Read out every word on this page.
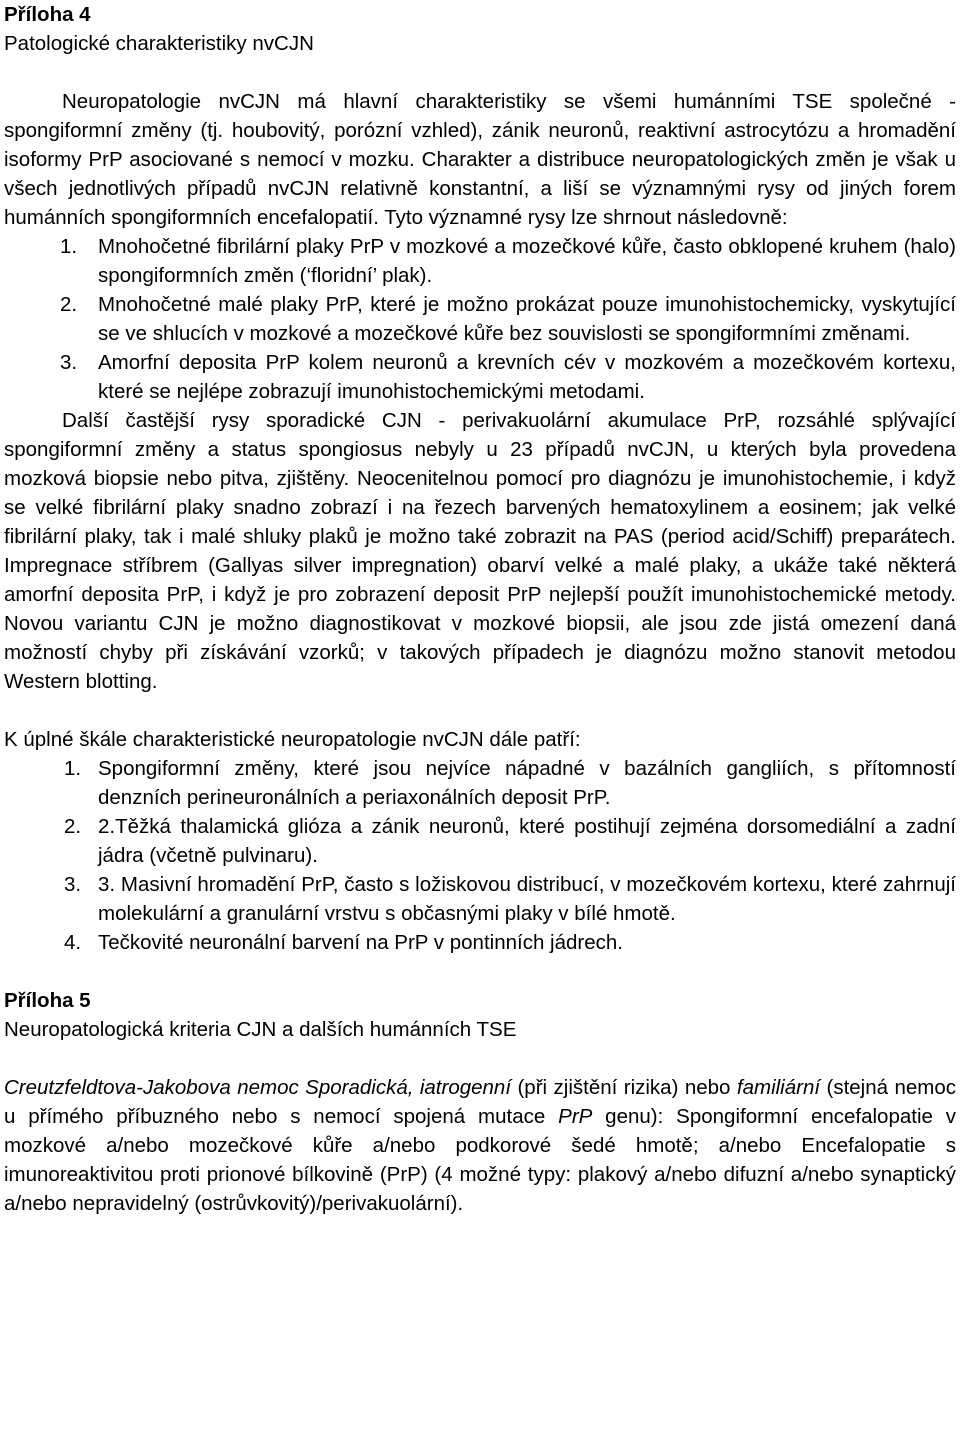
Příloha 4
Patologické charakteristiky nvCJN

Neuropatologie nvCJN má hlavní charakteristiky se všemi humánními TSE společné - spongiformní změny (tj. houbovitý, porózní vzhled), zánik neuronů, reaktivní astrocytózu a hromadění isoformy PrP asociované s nemocí v mozku. Charakter a distribuce neuropatologických změn je však u všech jednotlivých případů nvCJN relativně konstantní, a liší se významnými rysy od jiných forem humánních spongiformních encefalopatií. Tyto významné rysy lze shrnout následovně:

1.	Mnohočetné fibrilární plaky PrP v mozkové a mozečkové kůře, často obklopené kruhem (halo) spongiformních změn (‘floridní’ plak).
2.	Mnohočetné malé plaky PrP, které je možno prokázat pouze imunohistochemicky, vyskytující se ve shlucích v mozkové a mozečkové kůře bez souvislosti se spongiformními změnami.
3.	Amorfní deposita PrP kolem neuronů a krevních cév v mozkovém a mozečkovém kortexu, které se nejlépe zobrazují imunohistochemickými metodami.

Další častější rysy sporadické CJN - perivakuolární akumulace PrP, rozsáhlé splývající spongiformní změny a status spongiosus nebyly u 23 případů nvCJN, u kterých byla provedena mozková biopsie nebo pitva, zjištěny. Neocenitelnou pomocí pro diagnózu je imunohistochemie, i když se velké fibrilární plaky snadno zobrazí i na řezech barvených hematoxylinem a eosinem; jak velké fibrilární plaky, tak i malé shluky plaků je možno také zobrazit na PAS (period acid/Schiff) preparátech. Impregnace stříbrem (Gallyas silver impregnation) obarví velké a malé plaky, a ukáže také některá amorfní deposita PrP, i když je pro zobrazení deposit PrP nejlepší použít imunohistochemické metody. Novou variantu CJN je možno diagnostikovat v mozkové biopsii, ale jsou zde jistá omezení daná možností chyby při získávání vzorků; v takových případech je diagnózu možno stanovit metodou Western blotting.

K úplné škále charakteristické neuropatologie nvCJN dále patří:
1. Spongiformní změny, které jsou nejvíce nápadné v bazálních gangliích, s přítomností denzních perineuronálních a periaxonálních deposit PrP.
2. 2.Těžká thalamická glióza a zánik neuronů, které postihují zejména dorsomediální a zadní jádra (včetně pulvinaru).
3. 3. Masivní hromadění PrP, často s ložiskovou distribucí, v mozečkovém kortexu, které zahrnují molekulární a granulární vrstvu s občasnými plaky v bílé hmotě.
4. Tečkovité neuronální barvení na PrP v pontinních jádrech.
Příloha 5
Neuropatologická kriteria CJN a dalších humánních TSE

Creutzfeldtova-Jakobova nemoc Sporadická, iatrogenní (při zjištění rizika) nebo familiární (stejná nemoc u přímého příbuzného nebo s nemocí spojená mutace PrP genu): Spongiformní encefalopatie v mozkové a/nebo mozečkové kůře a/nebo podkorové šedé hmotě; a/nebo Encefalopatie s imunoreaktivitou proti prionové bílkovině (PrP) (4 možné typy: plakový a/nebo difuzní a/nebo synaptický a/nebo nepravidelný (ostrůvkovitý)/perivakuolární).
